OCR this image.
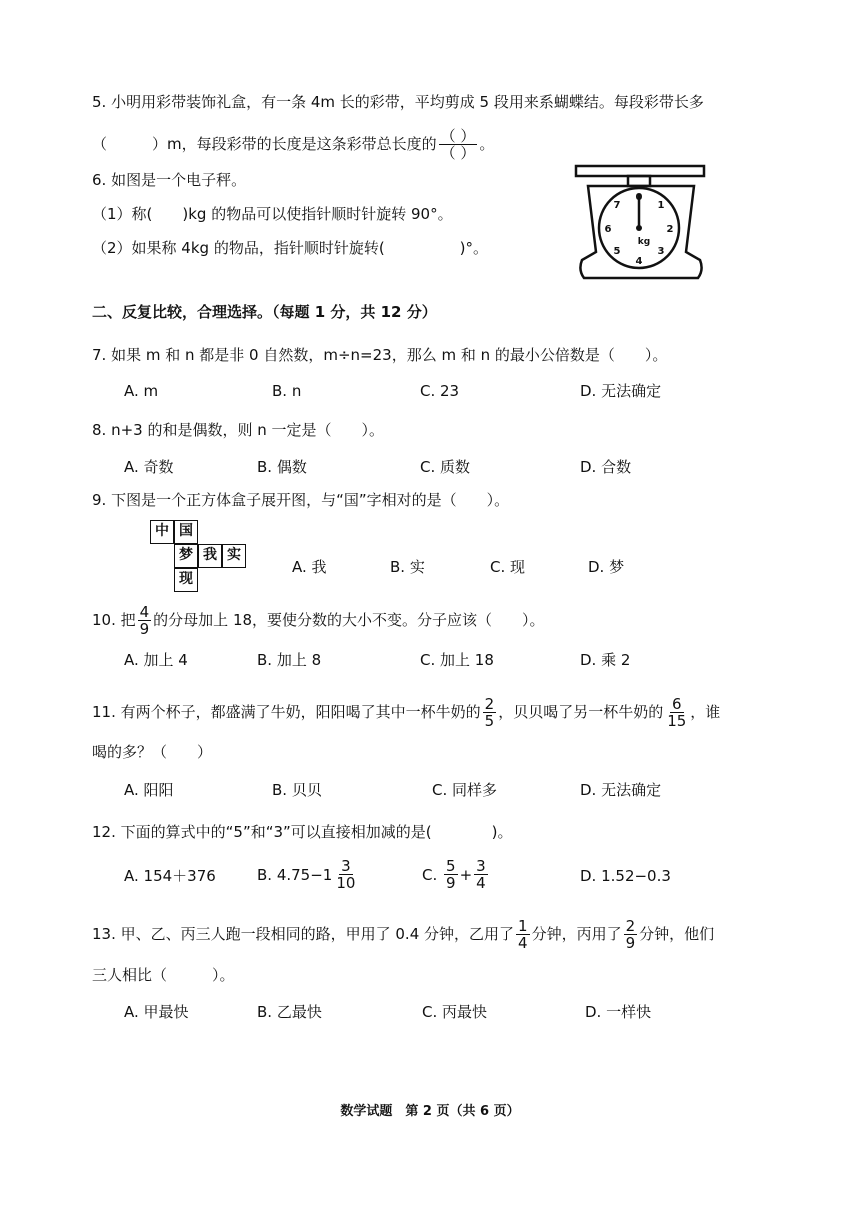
5. 小明用彩带装饰礼盒，有一条 4m 长的彩带，平均剪成 5 段用来系蝴蝶结。每段彩带长多
（　　　）m，每段彩带的长度是这条彩带总长度的 $\frac{( )}{( )}$ 。
6. 如图是一个电子秤。
（1）称(　　)kg 的物品可以使指针顺时针旋转 90°。
（2）如果称 4kg 的物品，指针顺时针旋转(　　　　　)°。
0
1
2
3
4
5
6
7
kg
二、反复比较，合理选择。（每题 1 分，共 12 分）
7. 如果 m 和 n 都是非 0 自然数，m÷n=23，那么 m 和 n 的最小公倍数是（　　）。
A. m	B. n	C. 23	D. 无法确定
8. n+3 的和是偶数，则 n 一定是（　　）。
A. 奇数	B. 偶数	C. 质数	D. 合数
9. 下图是一个正方体盒子展开图，与“国”字相对的是（　　）。
中 国
梦 我 实
现
A. 我	B. 实	C. 现	D. 梦
10. 把 $\frac{4}{9}$ 的分母加上 18，要使分数的大小不变。分子应该（　　）。
A. 加上 4	B. 加上 8	C. 加上 18	D. 乘 2
11. 有两个杯子，都盛满了牛奶，阳阳喝了其中一杯牛奶的 $\frac{2}{5}$ ，贝贝喝了另一杯牛奶的 $\frac{6}{15}$ ，谁
喝的多？（　　）
A. 阳阳	B. 贝贝	C. 同样多	D. 无法确定
12. 下面的算式中的“5”和“3”可以直接相加减的是(　　　　)。
A. 154＋376	B. $4.75-1 \frac{3}{10}$	C.
$\frac{5}{9} + \frac{3}{4}$	D. 1.52−0.3
13. 甲、乙、丙三人跑一段相同的路，甲用了 0.4 分钟，乙用了 $\frac{1}{4}$ 分钟，丙用了 $\frac{2}{9}$ 分钟，他们
三人相比（　　　）。
A. 甲最快	B. 乙最快	C. 丙最快	D. 一样快
数学试题　第 2 页（共 6 页）
